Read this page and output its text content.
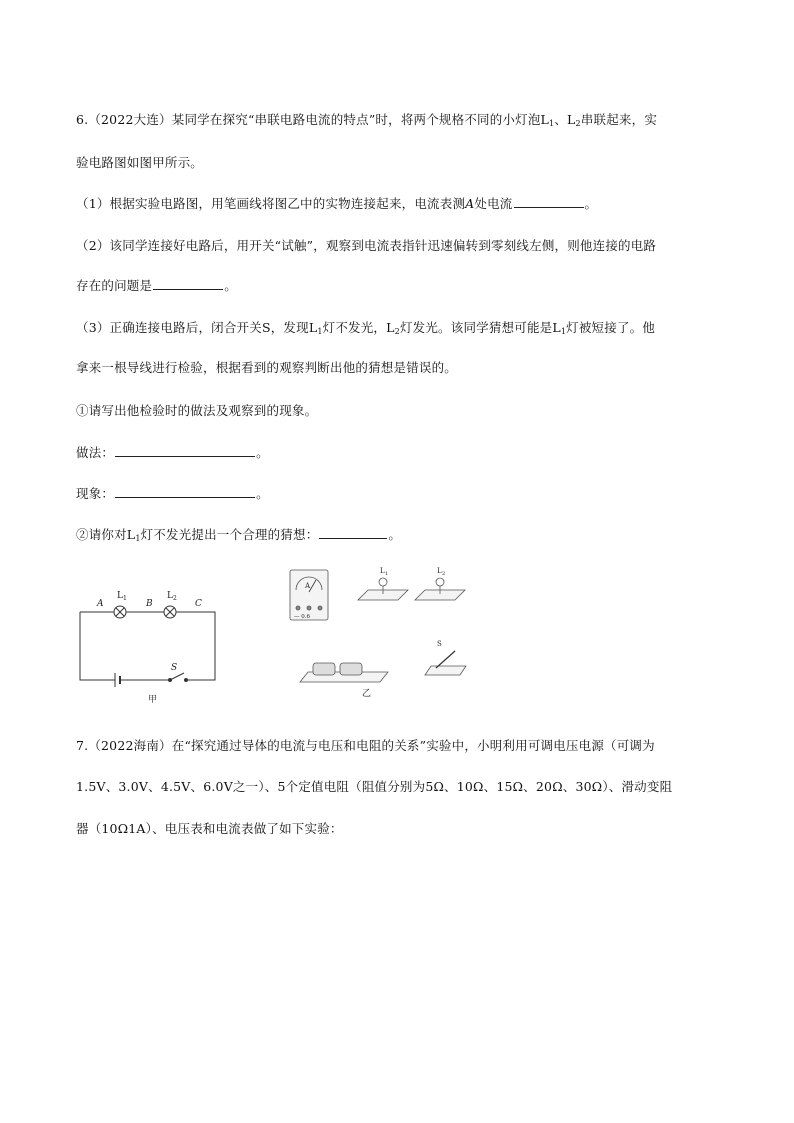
6.（2022大连）某同学在探究“串联电路电流的特点”时，将两个规格不同的小灯泡$L_1$、$L_2$串联起来，实
验电路图如图甲所示。
（1）根据实验电路图，用笔画线将图乙中的实物连接起来，电流表测A处电流	。
（2）该同学连接好电路后，用开关“试触”，观察到电流表指针迅速偏转到零刻线左侧，则他连接的电路
存在的问题是	。
（3）正确连接电路后，闭合开关S，发现$L_1$灯不发光，$L_2$灯发光。该同学猜想可能是$L_1$灯被短接了。他
拿来一根导线进行检验，根据看到的观察判断出他的猜想是错误的。
①请写出他检验时的做法及观察到的现象。
做法：	。
现象：	。
②请你对$L_1$灯不发光提出一个合理的猜想：	。
A	B	C
L 1	L 2
S
甲
A
— 0.6
L 1	L 2
S
乙
7.（2022海南）在“探究通过导体的电流与电压和电阻的关系”实验中，小明利用可调电压电源（可调为
1.5V、3.0V、4.5V、6.0V之一）、5个定值电阻（阻值分别为5Ω、10Ω、15Ω、20Ω、30Ω）、滑动变阻
器（10Ω1A）、电压表和电流表做了如下实验：
